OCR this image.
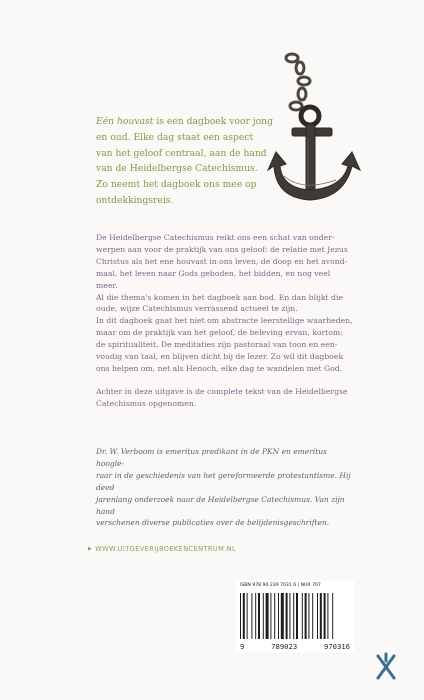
Eén houvast is een dagboek voor jong
en oud. Elke dag staat een aspect
van het geloof centraal, aan de hand
van de Heidelbergse Catechismus.
Zo neemt het dagboek ons mee op
ontdekkingsreis.

De Heidelbergse Catechismus reikt ons een schat van onder-
werpen aan voor de praktijk van ons geloof: de relatie met Jezus
Christus als het ene houvast in ons leven, de doop en het avond-
maal, het leven naar Gods geboden, het bidden, en nog veel meer.
Al die thema's komen in het dagboek aan bod. En dan blijkt die
oude, wijze Catechismus verrassend actueel te zijn.

In dit dagboek gaat het niet om abstracte leerstellige waarheden,
maar om de praktijk van het geloof, de beleving ervan, kortom:
de spiritualiteit. De meditaties zijn pastoraal van toon en een-
voudig van taal, en blijven dicht bij de lezer. Zo wil dit dagboek
ons helpen om, net als Henoch, elke dag te wandelen met God.

Achter in deze uitgave is de complete tekst van de Heidelbergse
Catechismus opgenomen.

Dr. W. Verboom is emeritus predikant in de PKN en emeritus hoogle-
raar in de geschiedenis van het gereformeerde protestantisme. Hij deed
jarenlang onderzoek naar de Heidelbergse Catechismus. Van zijn hand
verschenen diverse publicaties over de belijdenisgeschriften.

▶ WWW.UITGEVERIJBOEKENCENTRUM.NL
ISBN 978 90 239 7031 6 | NUR 707
9	789023	970316
